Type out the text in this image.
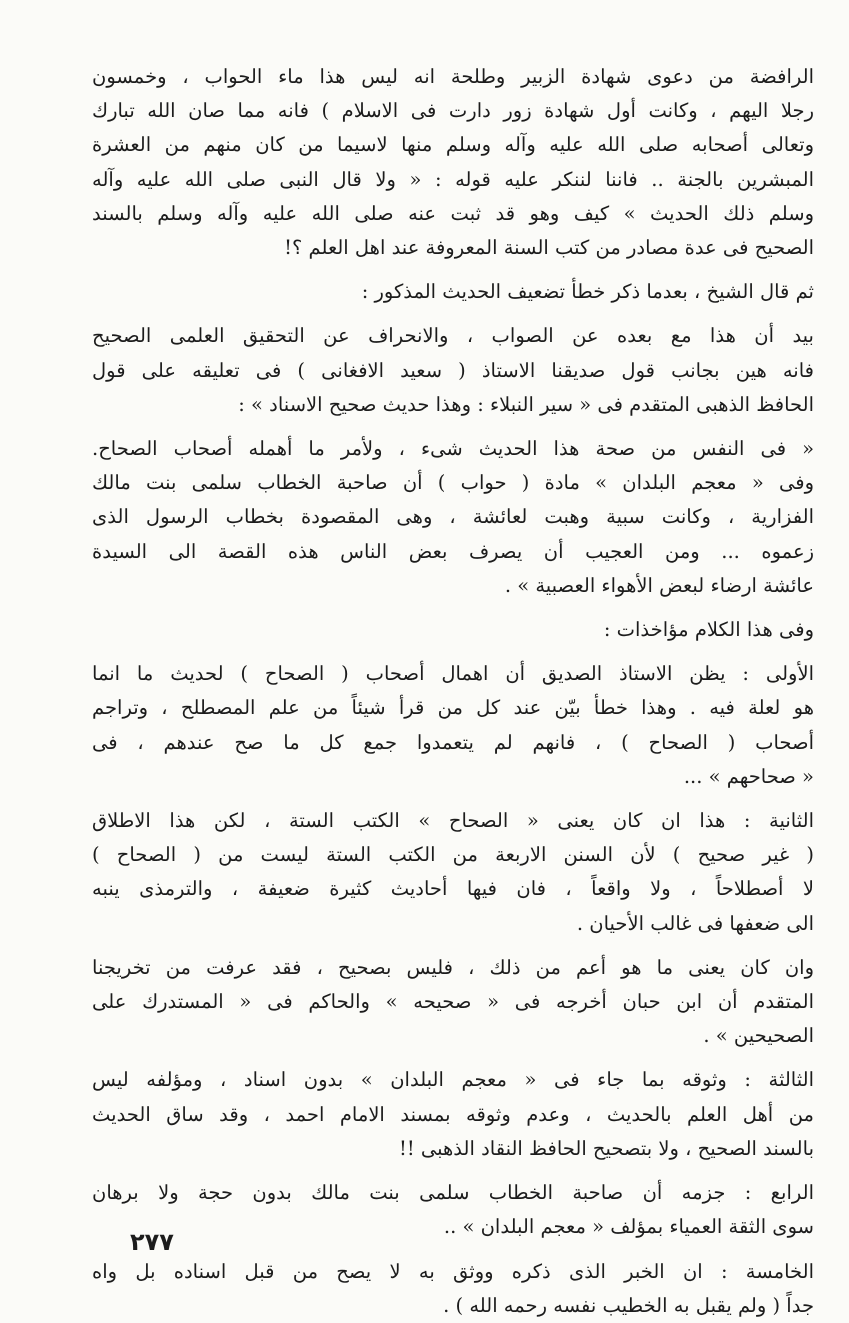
الرافضة من دعوى شهادة الزبير وطلحة انه ليس هذا ماء الحواب ، وخمسون
رجلا اليهم ، وكانت أول شهادة زور دارت فى الاسلام ) فانه مما صان الله تبارك
وتعالى أصحابه صلى الله عليه وآله وسلم منها لاسيما من كان منهم من العشرة
المبشرين بالجنة .. فاننا لننكر عليه قوله : « ولا قال النبى صلى الله عليه وآله
وسلم ذلك الحديث » كيف وهو قد ثبت عنه صلى الله عليه وآله وسلم بالسند
الصحيح فى عدة مصادر من كتب السنة المعروفة عند اهل العلم ؟!

ثم قال الشيخ ، بعدما ذكر خطأ تضعيف الحديث المذكور :

بيد أن هذا مع بعده عن الصواب ، والانحراف عن التحقيق العلمى الصحيح
فانه هين بجانب قول صديقنا الاستاذ ( سعيد الافغانى ) فى تعليقه على قول
الحافظ الذهبى المتقدم فى « سير النبلاء : وهذا حديث صحيح الاسناد » :

« فى النفس من صحة هذا الحديث شىء ، ولأمر ما أهمله أصحاب الصحاح.
وفى « معجم البلدان » مادة ( حواب ) أن صاحبة الخطاب سلمى بنت مالك
الفزارية ، وكانت سبية وهبت لعائشة ، وهى المقصودة بخطاب الرسول الذى
زعموه ... ومن العجيب أن يصرف بعض الناس هذه القصة الى السيدة
عائشة ارضاء لبعض الأهواء العصبية » .

وفى هذا الكلام مؤاخذات :

الأولى : يظن الاستاذ الصديق أن اهمال أصحاب ( الصحاح ) لحديث ما انما
هو لعلة فيه . وهذا خطأ بيّن عند كل من قرأ شيئاً من علم المصطلح ، وتراجم
أصحاب ( الصحاح ) ، فانهم لم يتعمدوا جمع كل ما صح عندهم ، فى
« صحاحهم » ...

الثانية : هذا ان كان يعنى « الصحاح » الكتب الستة ، لكن هذا الاطلاق
( غير صحيح ) لأن السنن الاربعة من الكتب الستة ليست من ( الصحاح )
لا أصطلاحاً ، ولا واقعاً ، فان فيها أحاديث كثيرة ضعيفة ، والترمذى ينبه
الى ضعفها فى غالب الأحيان .

وان كان يعنى ما هو أعم من ذلك ، فليس بصحيح ، فقد عرفت من تخريجنا
المتقدم أن ابن حبان أخرجه فى « صحيحه » والحاكم فى « المستدرك على
الصحيحين » .

الثالثة : وثوقه بما جاء فى « معجم البلدان » بدون اسناد ، ومؤلفه ليس
من أهل العلم بالحديث ، وعدم وثوقه بمسند الامام احمد ، وقد ساق الحديث
بالسند الصحيح ، ولا بتصحيح الحافظ النقاد الذهبى !!

الرابع : جزمه أن صاحبة الخطاب سلمى بنت مالك بدون حجة ولا برهان
سوى الثقة العمياء بمؤلف « معجم البلدان » ..

الخامسة : ان الخبر الذى ذكره ووثق به لا يصح من قبل اسناده بل واه
جداً ( ولم يقبل به الخطيب نفسه رحمه الله ) .

٢٧٧
